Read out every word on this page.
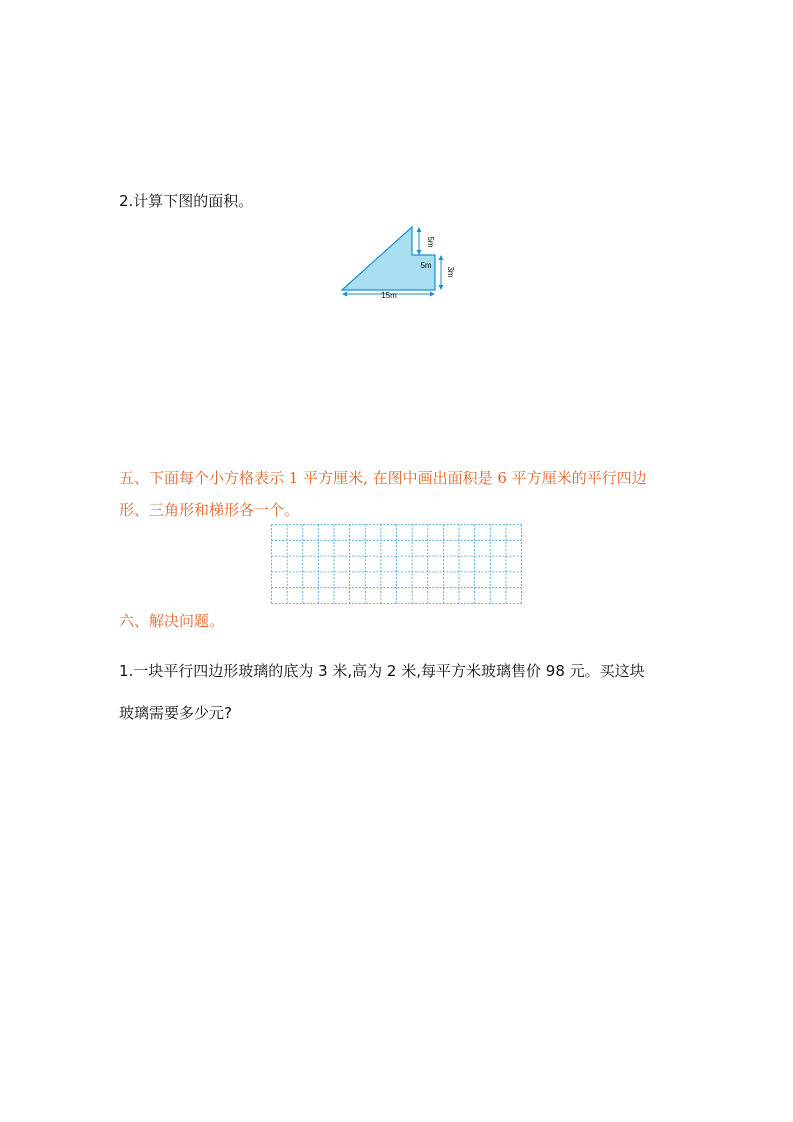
2.计算下图的面积。
5m
5m
3m
15m
五、下面每个小方格表示 1 平方厘米, 在图中画出面积是 6 平方厘米的平行四边
形、三角形和梯形各一个。
六、解决问题。
1.一块平行四边形玻璃的底为 3 米,高为 2 米,每平方米玻璃售价 98 元。买这块
玻璃需要多少元?
